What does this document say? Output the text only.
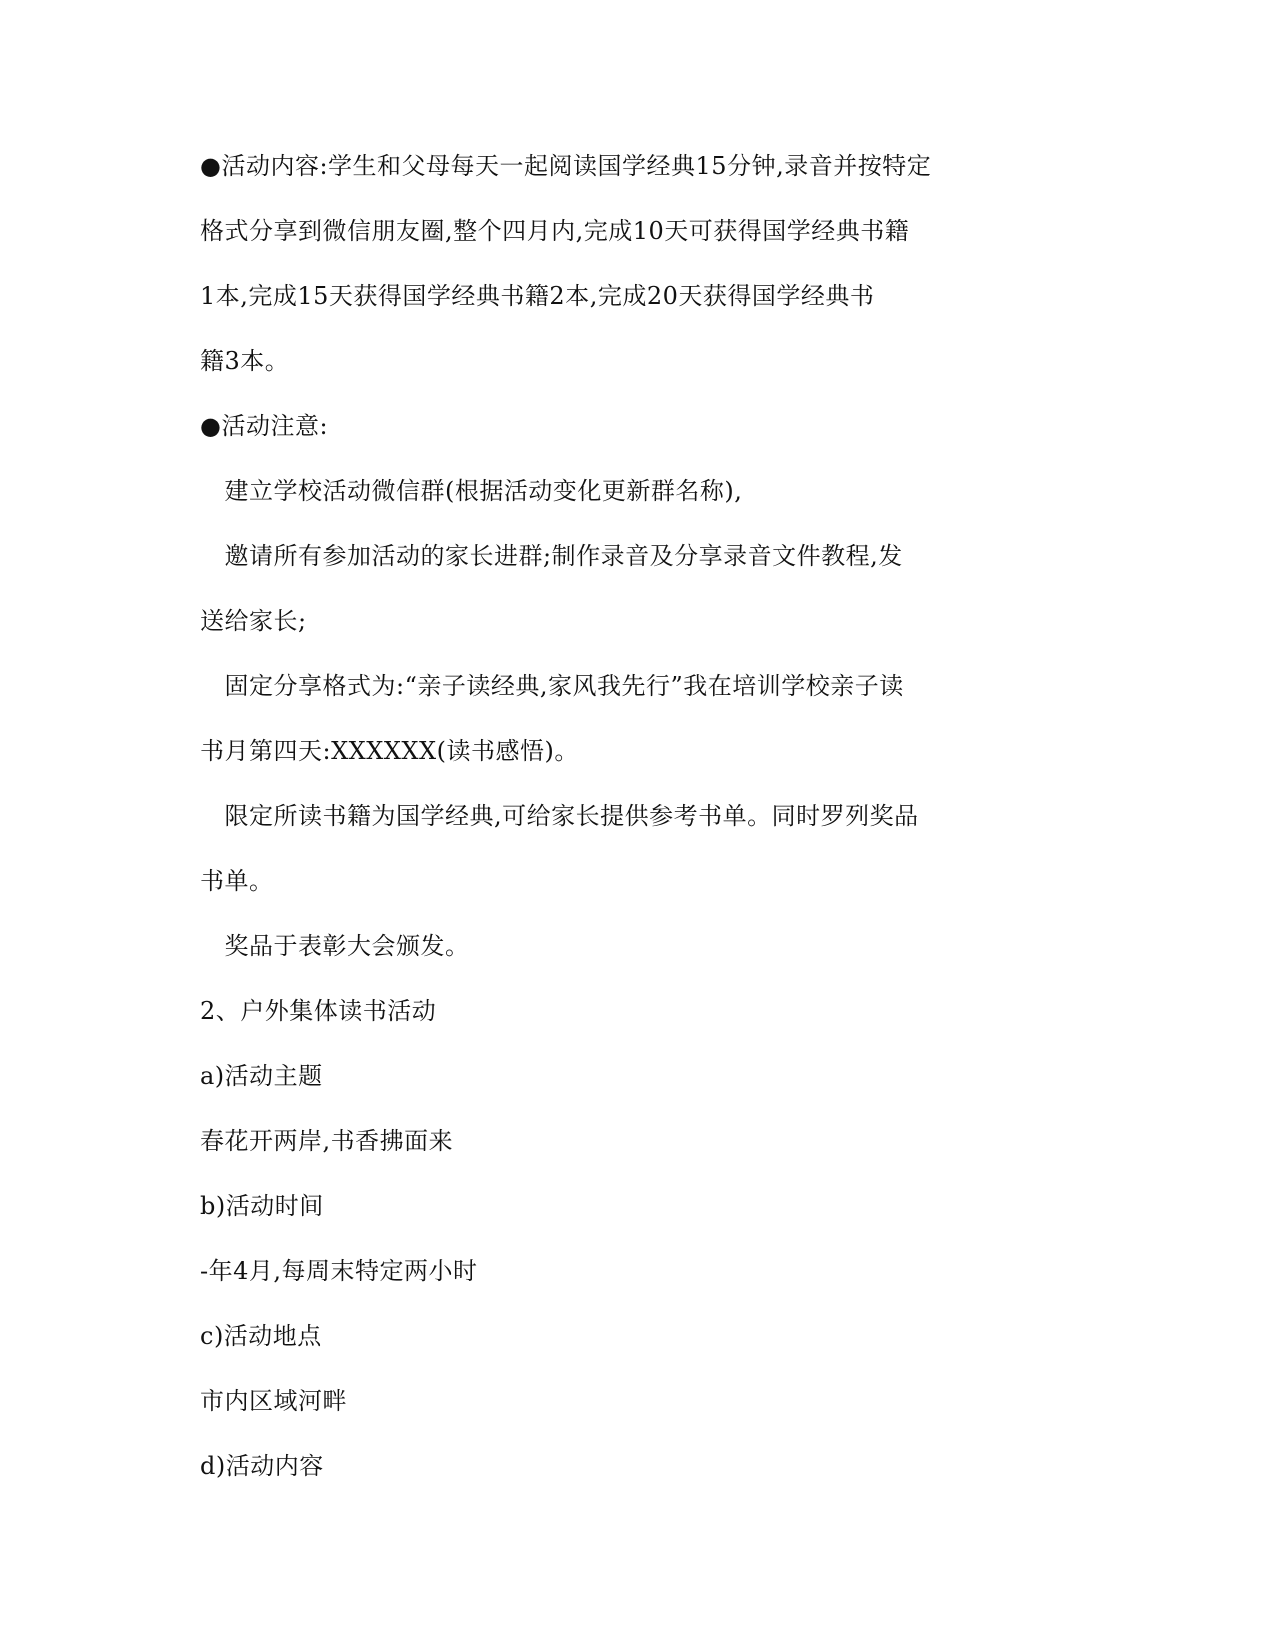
●活动内容:学生和父母每天一起阅读国学经典15分钟,录音并按特定
格式分享到微信朋友圈,整个四月内,完成10天可获得国学经典书籍
1本,完成15天获得国学经典书籍2本,完成20天获得国学经典书
籍3本。
●活动注意:
　建立学校活动微信群(根据活动变化更新群名称),
　邀请所有参加活动的家长进群;制作录音及分享录音文件教程,发
送给家长;
　固定分享格式为:“亲子读经典,家风我先行”我在培训学校亲子读
书月第四天:XXXXXX(读书感悟)。
　限定所读书籍为国学经典,可给家长提供参考书单。同时罗列奖品
书单。
　奖品于表彰大会颁发。
2、户外集体读书活动
a)活动主题
春花开两岸,书香拂面来
b)活动时间
-年4月,每周末特定两小时
c)活动地点
市内区域河畔
d)活动内容
